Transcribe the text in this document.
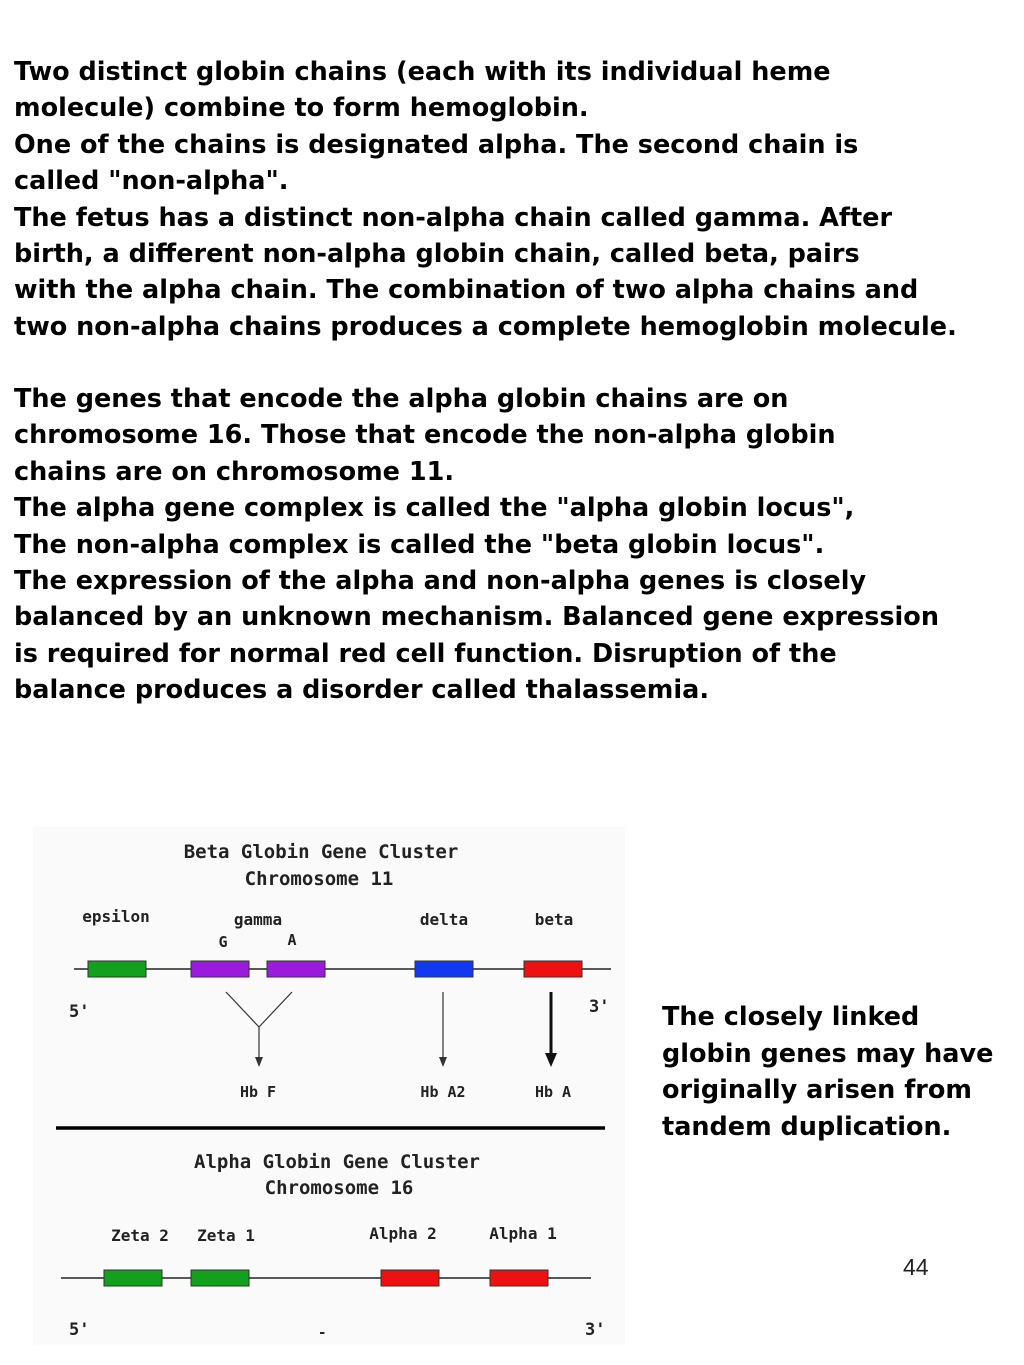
Two distinct globin chains (each with its individual heme
molecule) combine to form hemoglobin.
One of the chains is designated alpha. The second chain is
called "non-alpha".
The fetus has a distinct non-alpha chain called gamma. After
birth, a different non-alpha globin chain, called beta, pairs
with the alpha chain. The combination of two alpha chains and
two non-alpha chains produces a complete hemoglobin molecule.

The genes that encode the alpha globin chains are on
chromosome 16. Those that encode the non-alpha globin
chains are on chromosome 11.
The alpha gene complex is called the "alpha globin locus",
The non-alpha complex is called the "beta globin locus".
The expression of the alpha and non-alpha genes is closely
balanced by an unknown mechanism. Balanced gene expression
is required for normal red cell function. Disruption of the
balance produces a disorder called thalassemia.

Beta Globin Gene Cluster
Chromosome 11
epsilon	gamma
G	A
delta	beta
5'	3'
Hb F	Hb A2	Hb A
Alpha Globin Gene Cluster
Chromosome 16
Zeta 2 Zeta 1	Alpha 2	Alpha 1
5'	-	3'

The closely linked
globin genes may have
originally arisen from
tandem duplication.

44
